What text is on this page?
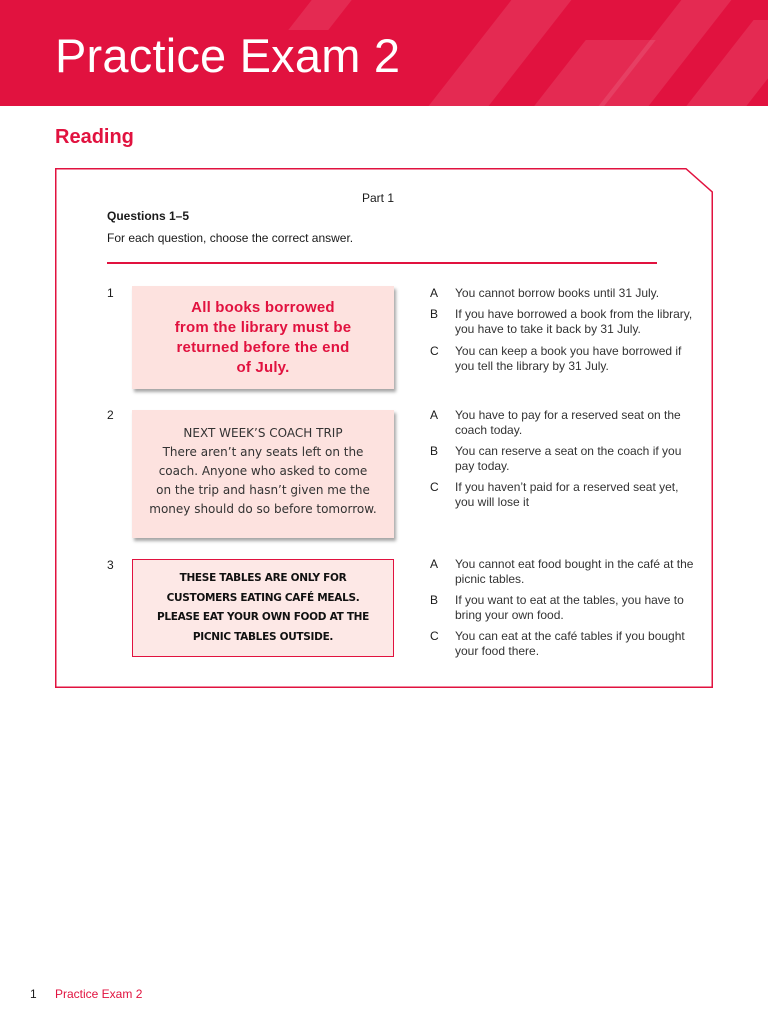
Practice Exam 2
Reading
Part 1
Questions 1–5
For each question, choose the correct answer.
1
All books borrowed
from the library must be
returned before the end
of July.
A You cannot borrow books until 31 July.
B If you have borrowed a book from the library, you have to take it back by 31 July.
C You can keep a book you have borrowed if you tell the library by 31 July.
2
NEXT WEEK’S COACH TRIP
There aren’t any seats left on the
coach. Anyone who asked to come
on the trip and hasn’t given me the
money should do so before tomorrow.
A You have to pay for a reserved seat on the coach today.
B You can reserve a seat on the coach if you pay today.
C If you haven’t paid for a reserved seat yet, you will lose it
3
THESE TABLES ARE ONLY FOR
CUSTOMERS EATING CAFÉ MEALS.
PLEASE EAT YOUR OWN FOOD AT THE
PICNIC TABLES OUTSIDE.
A You cannot eat food bought in the café at the picnic tables.
B If you want to eat at the tables, you have to bring your own food.
C You can eat at the café tables if you bought your food there.
1 Practice Exam 2
